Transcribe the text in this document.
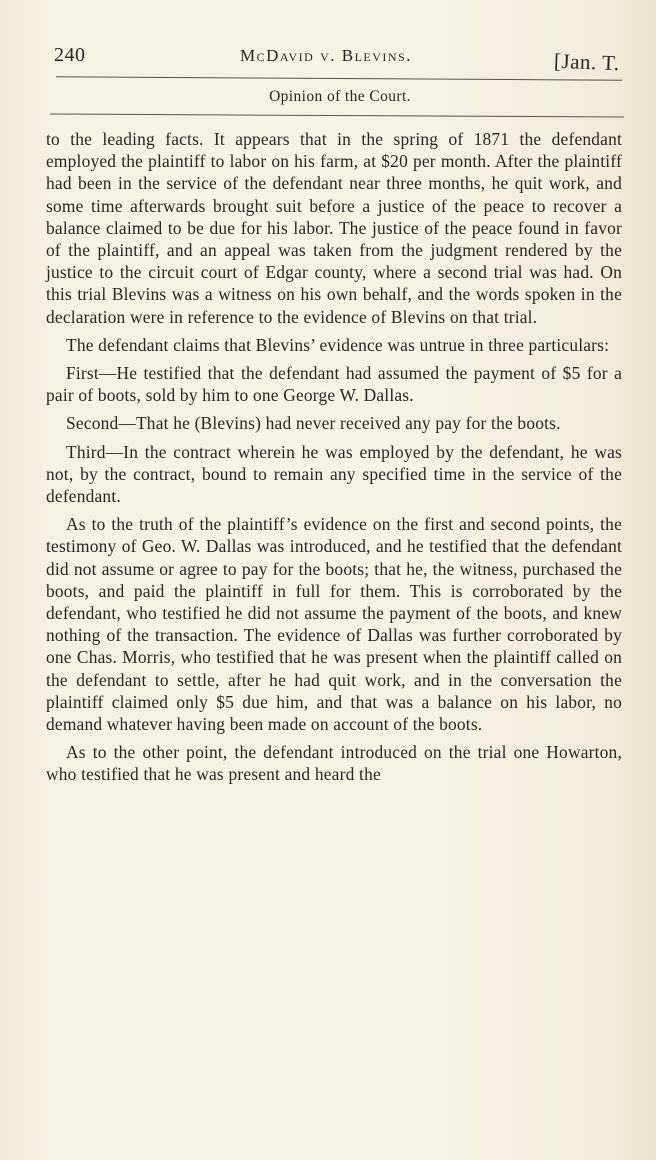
240	McDavid v. Blevins.	[Jan. T.
Opinion of the Court.

to the leading facts. It appears that in the spring of 1871 the defendant employed the plaintiff to labor on his farm, at $20 per month. After the plaintiff had been in the service of the defendant near three months, he quit work, and some time afterwards brought suit before a justice of the peace to recover a balance claimed to be due for his labor. The justice of the peace found in favor of the plaintiff, and an appeal was taken from the judgment rendered by the justice to the circuit court of Edgar county, where a second trial was had. On this trial Blevins was a witness on his own behalf, and the words spoken in the declaration were in reference to the evidence of Blevins on that trial.

The defendant claims that Blevins’ evidence was untrue in three particulars:

First—He testified that the defendant had assumed the payment of $5 for a pair of boots, sold by him to one George W. Dallas.

Second—That he (Blevins) had never received any pay for the boots.

Third—In the contract wherein he was employed by the defendant, he was not, by the contract, bound to remain any specified time in the service of the defendant.

As to the truth of the plaintiff’s evidence on the first and second points, the testimony of Geo. W. Dallas was introduced, and he testified that the defendant did not assume or agree to pay for the boots; that he, the witness, purchased the boots, and paid the plaintiff in full for them. This is corroborated by the defendant, who testified he did not assume the payment of the boots, and knew nothing of the transaction. The evidence of Dallas was further corroborated by one Chas. Morris, who testified that he was present when the plaintiff called on the defendant to settle, after he had quit work, and in the conversation the plaintiff claimed only $5 due him, and that was a balance on his labor, no demand whatever having been made on account of the boots.

As to the other point, the defendant introduced on the trial one Howarton, who testified that he was present and heard the
